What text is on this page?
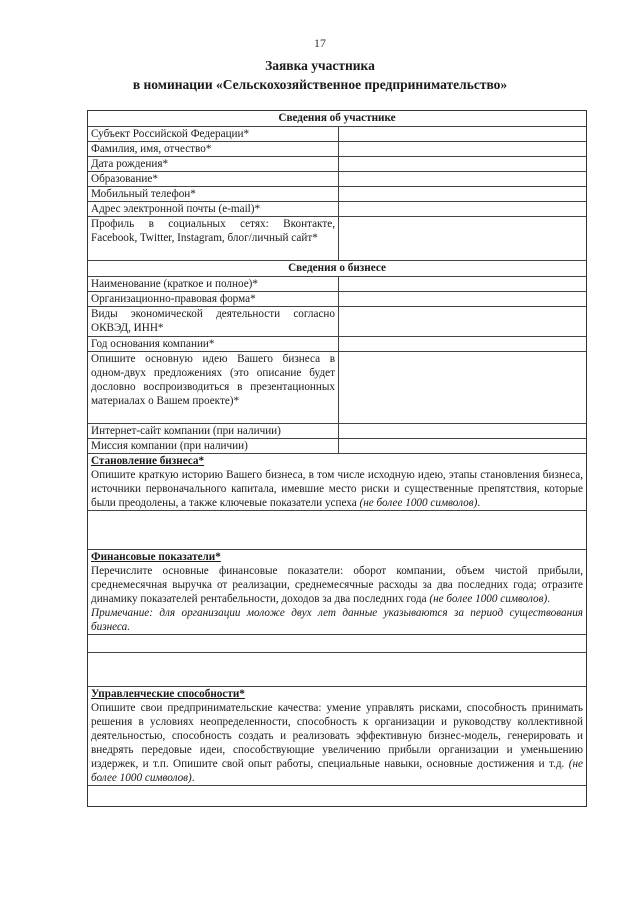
17
Заявка участника
в номинации «Сельскохозяйственное предпринимательство»
Сведения об участнике
Субъект Российской Федерации*
Фамилия, имя, отчество*
Дата рождения*
Образование*
Мобильный телефон*
Адрес электронной почты (e-mail)*
Профиль в социальных сетях: Вконтакте, Facebook, Twitter, Instagram, блог/личный сайт*
Сведения о бизнесе
Наименование (краткое и полное)*
Организационно-правовая форма*
Виды экономической деятельности согласно ОКВЭД, ИНН*
Год основания компании*
Опишите основную идею Вашего бизнеса в одном-двух предложениях (это описание будет дословно воспроизводиться в презентационных материалах о Вашем проекте)*
Интернет-сайт компании (при наличии)
Миссия компании (при наличии)
Становление бизнеса*

Опишите краткую историю Вашего бизнеса, в том числе исходную идею, этапы становления бизнеса, источники первоначального капитала, имевшие место риски и существенные препятствия, которые были преодолены, а также ключевые показатели успеха (не более 1000 символов).

Финансовые показатели*

Перечислите основные финансовые показатели: оборот компании, объем чистой прибыли, среднемесячная выручка от реализации, среднемесячные расходы за два последних года; отразите динамику показателей рентабельности, доходов за два последних года (не более 1000 символов).

Примечание: для организации моложе двух лет данные указываются за период существования бизнеса.

Управленческие способности*

Опишите свои предпринимательские качества: умение управлять рисками, способность принимать решения в условиях неопределенности, способность к организации и руководству коллективной деятельностью, способность создать и реализовать эффективную бизнес-модель, генерировать и внедрять передовые идеи, способствующие увеличению прибыли организации и уменьшению издержек, и т.п. Опишите свой опыт работы, специальные навыки, основные достижения и т.д. (не более 1000 символов).
